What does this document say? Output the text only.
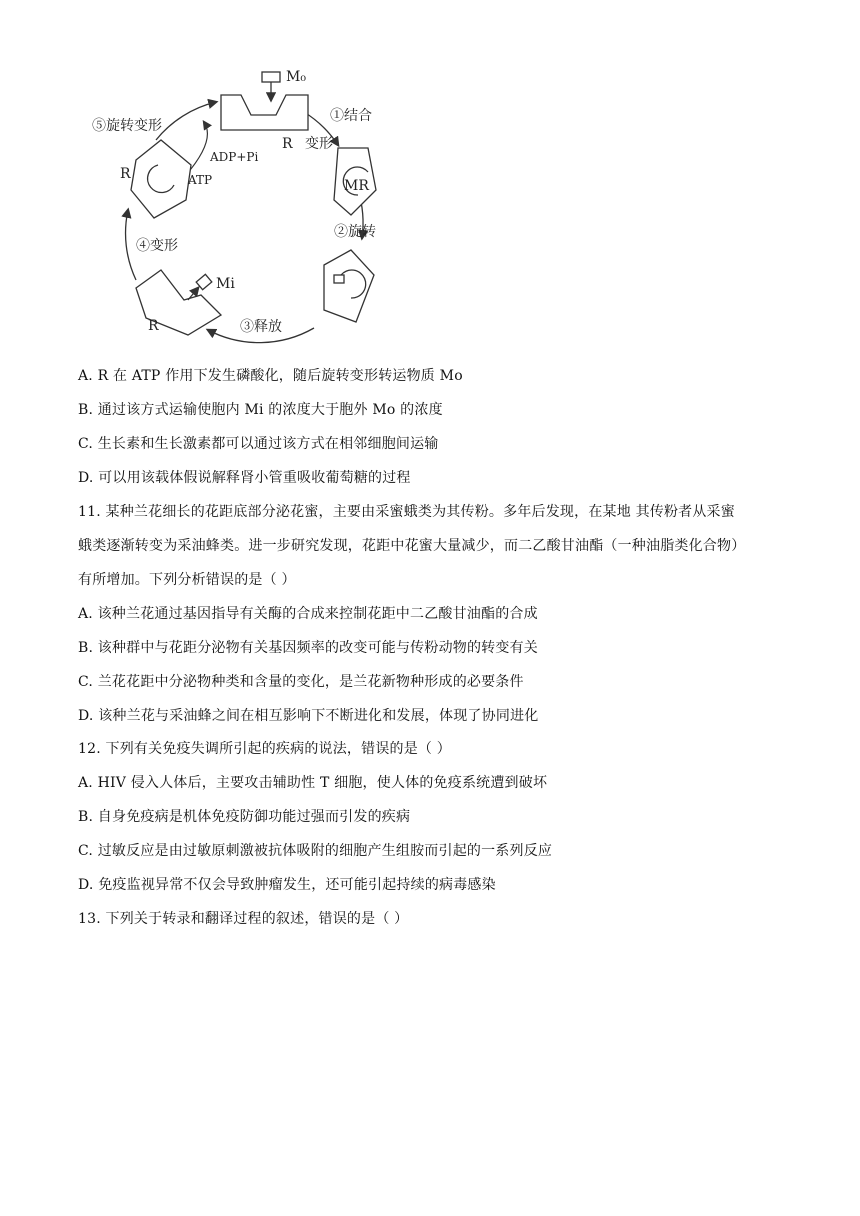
M₀
①结合
变形
R
⑤旋转变形
ADP+Pi
ATP
R
MR
②旋转
④变形
Mi
R	③释放
A. R 在 ATP 作用下发生磷酸化，随后旋转变形转运物质 Mo
B. 通过该方式运输使胞内 Mi 的浓度大于胞外 Mo 的浓度
C. 生长素和生长激素都可以通过该方式在相邻细胞间运输
D. 可以用该载体假说解释肾小管重吸收葡萄糖的过程
11. 某种兰花细长的花距底部分泌花蜜，主要由采蜜蛾类为其传粉。多年后发现，在某地 其传粉者从采蜜
蛾类逐渐转变为采油蜂类。进一步研究发现，花距中花蜜大量减少，而二乙酸甘油酯（一种油脂类化合物）
有所增加。下列分析错误的是（ ）
A. 该种兰花通过基因指导有关酶的合成来控制花距中二乙酸甘油酯的合成
B. 该种群中与花距分泌物有关基因频率的改变可能与传粉动物的转变有关
C. 兰花花距中分泌物种类和含量的变化，是兰花新物种形成的必要条件
D. 该种兰花与采油蜂之间在相互影响下不断进化和发展，体现了协同进化
12. 下列有关免疫失调所引起的疾病的说法，错误的是（ ）
A. HIV 侵入人体后，主要攻击辅助性 T 细胞，使人体的免疫系统遭到破坏
B. 自身免疫病是机体免疫防御功能过强而引发的疾病
C. 过敏反应是由过敏原刺激被抗体吸附的细胞产生组胺而引起的一系列反应
D. 免疫监视异常不仅会导致肿瘤发生，还可能引起持续的病毒感染
13. 下列关于转录和翻译过程的叙述，错误的是（ ）
